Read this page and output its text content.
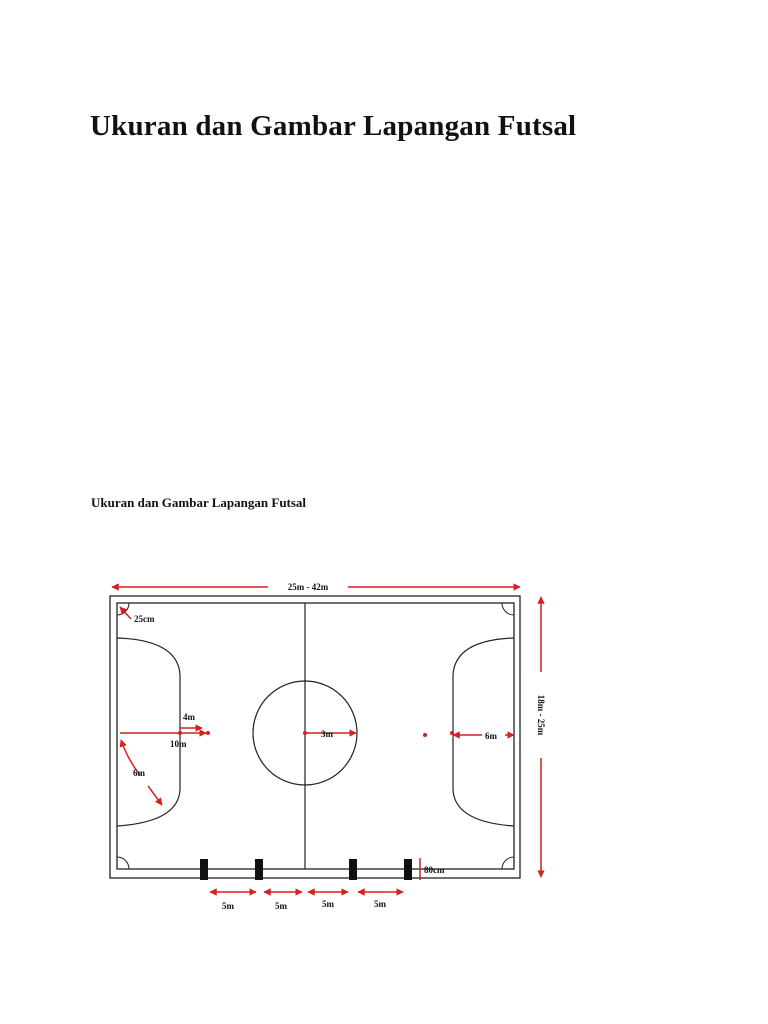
Ukuran dan Gambar Lapangan Futsal

Ukuran dan Gambar Lapangan Futsal

25m - 42m
18m - 25m
25cm
4m
10m
6m
3m	6m
80cm
5m	5m	5m	5m
